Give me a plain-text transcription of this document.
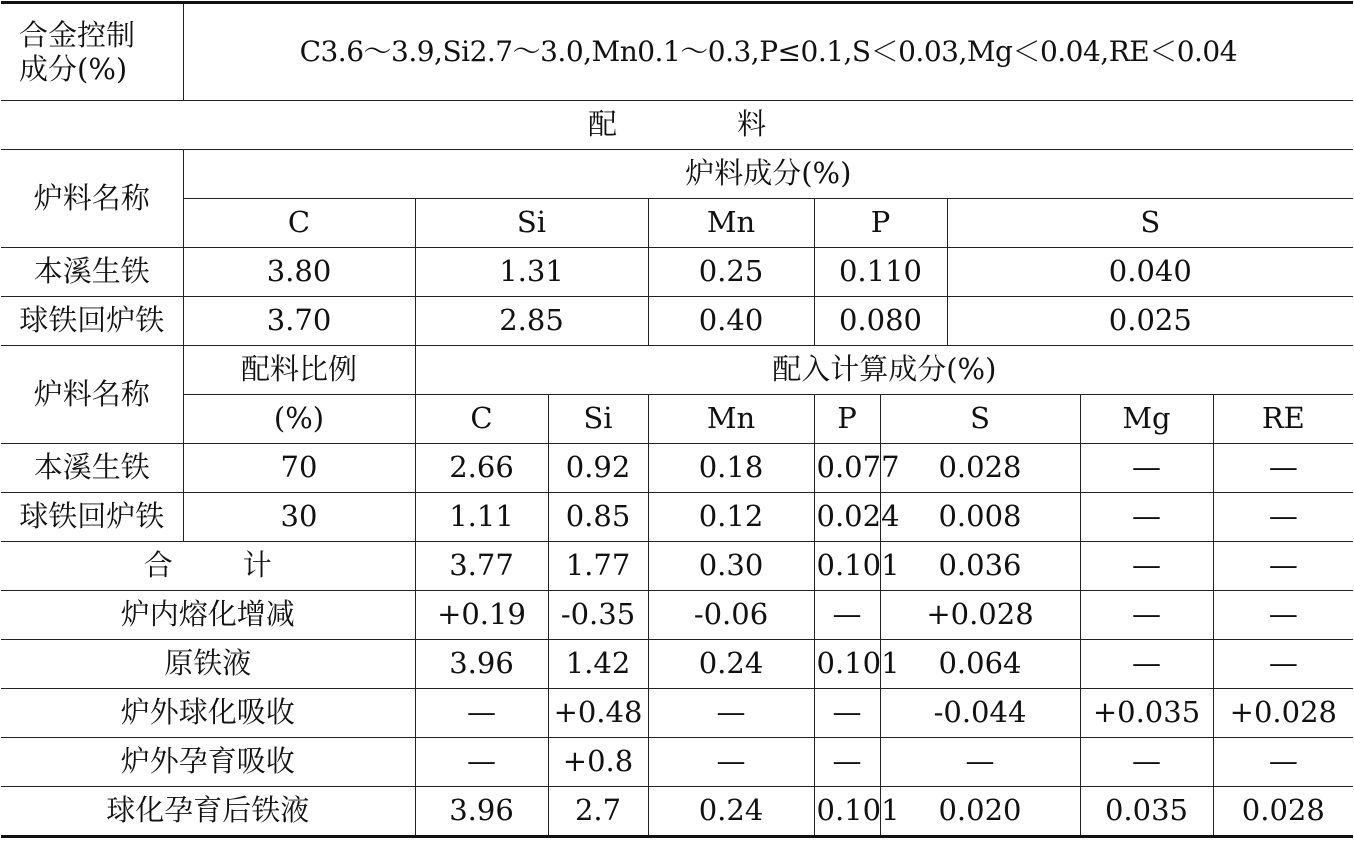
合金控制
成分(%)	C3.6～3.9,Si2.7～3.0,Mn0.1～0.3,P≤0.1,S＜0.03,Mg＜0.04,RE＜0.04								
配 料									
炉料名称	炉料成分(%)								
	C	Si		Mn	P		S		
本溪生铁	3.80	1.31		0.25	0.110		0.040		
球铁回炉铁	3.70	2.85		0.40	0.080		0.025		
炉料名称	配料比例	配入计算成分(%)							
	(%)	C	Si	Mn	P	S		Mg	RE
本溪生铁	70	2.66	0.92	0.18	0.077	0.028		—	—
球铁回炉铁	30	1.11	0.85	0.12	0.024	0.008		—	—
合 计		3.77	1.77	0.30	0.101	0.036		—	—
炉内熔化增减		+0.19	-0.35	-0.06	—	+0.028		—	—
原铁液		3.96	1.42	0.24	0.101	0.064		—	—
炉外球化吸收		—	+0.48	—	—	-0.044		+0.035	+0.028
炉外孕育吸收		—	+0.8	—	—	—		—	—
球化孕育后铁液		3.96	2.7	0.24	0.101	0.020		0.035	0.028
